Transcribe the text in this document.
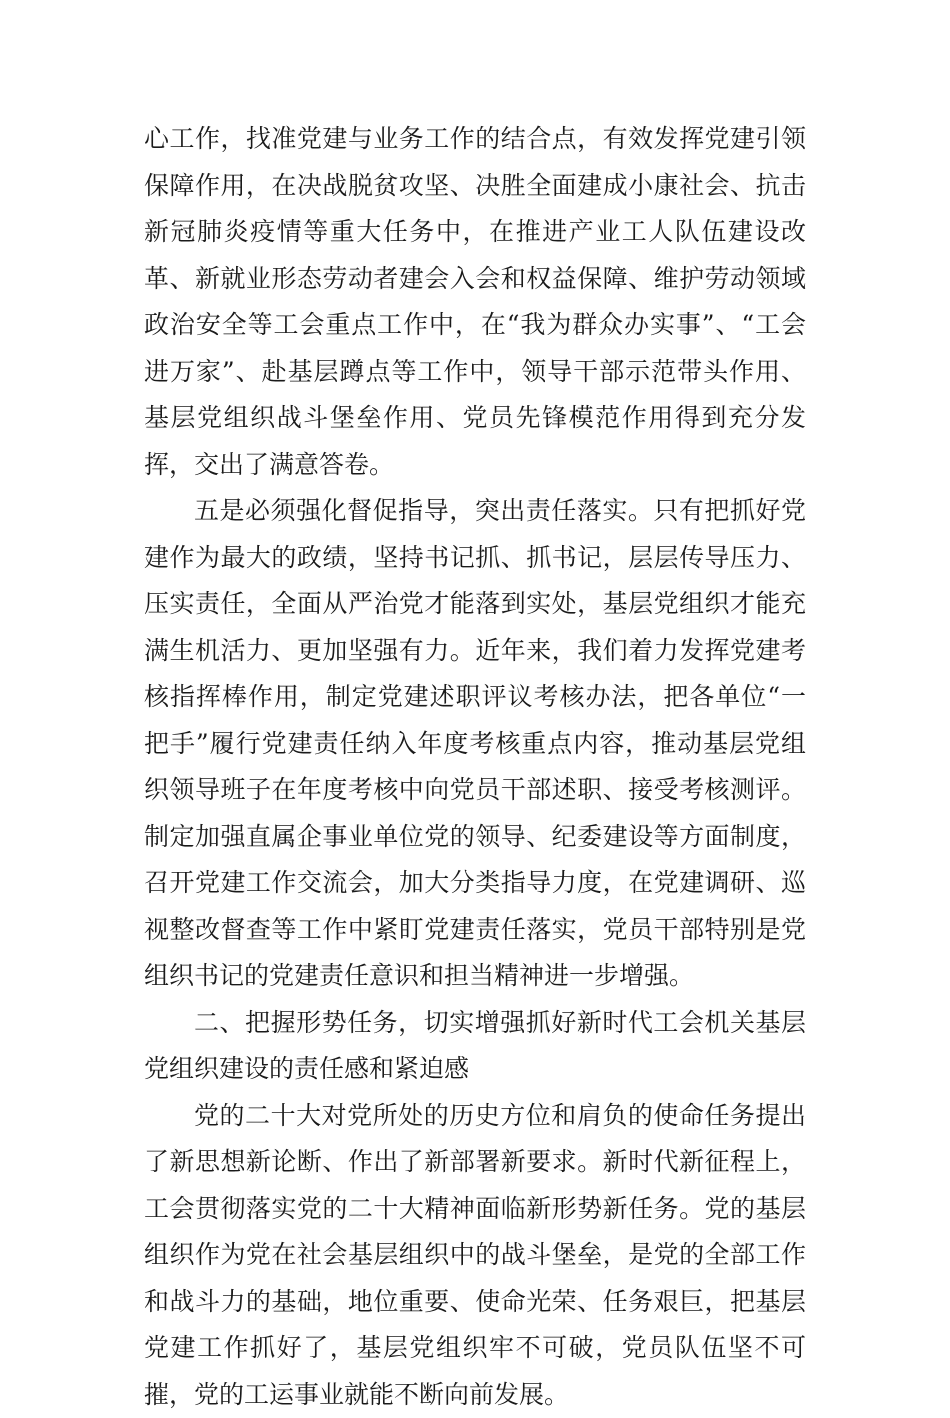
心工作，找准党建与业务工作的结合点，有效发挥党建引领保障作用，在决战脱贫攻坚、决胜全面建成小康社会、抗击新冠肺炎疫情等重大任务中，在推进产业工人队伍建设改革、新就业形态劳动者建会入会和权益保障、维护劳动领域政治安全等工会重点工作中，在“我为群众办实事”、“工会进万家”、赴基层蹲点等工作中，领导干部示范带头作用、基层党组织战斗堡垒作用、党员先锋模范作用得到充分发挥，交出了满意答卷。

五是必须强化督促指导，突出责任落实。只有把抓好党建作为最大的政绩，坚持书记抓、抓书记，层层传导压力、压实责任，全面从严治党才能落到实处，基层党组织才能充满生机活力、更加坚强有力。近年来，我们着力发挥党建考核指挥棒作用，制定党建述职评议考核办法，把各单位“一把手”履行党建责任纳入年度考核重点内容，推动基层党组织领导班子在年度考核中向党员干部述职、接受考核测评。制定加强直属企事业单位党的领导、纪委建设等方面制度，召开党建工作交流会，加大分类指导力度，在党建调研、巡视整改督查等工作中紧盯党建责任落实，党员干部特别是党组织书记的党建责任意识和担当精神进一步增强。

二、把握形势任务，切实增强抓好新时代工会机关基层党组织建设的责任感和紧迫感

党的二十大对党所处的历史方位和肩负的使命任务提出了新思想新论断、作出了新部署新要求。新时代新征程上，工会贯彻落实党的二十大精神面临新形势新任务。党的基层组织作为党在社会基层组织中的战斗堡垒，是党的全部工作和战斗力的基础，地位重要、使命光荣、任务艰巨，把基层党建工作抓好了，基层党组织牢不可破，党员队伍坚不可摧，党的工运事业就能不断向前发展。
